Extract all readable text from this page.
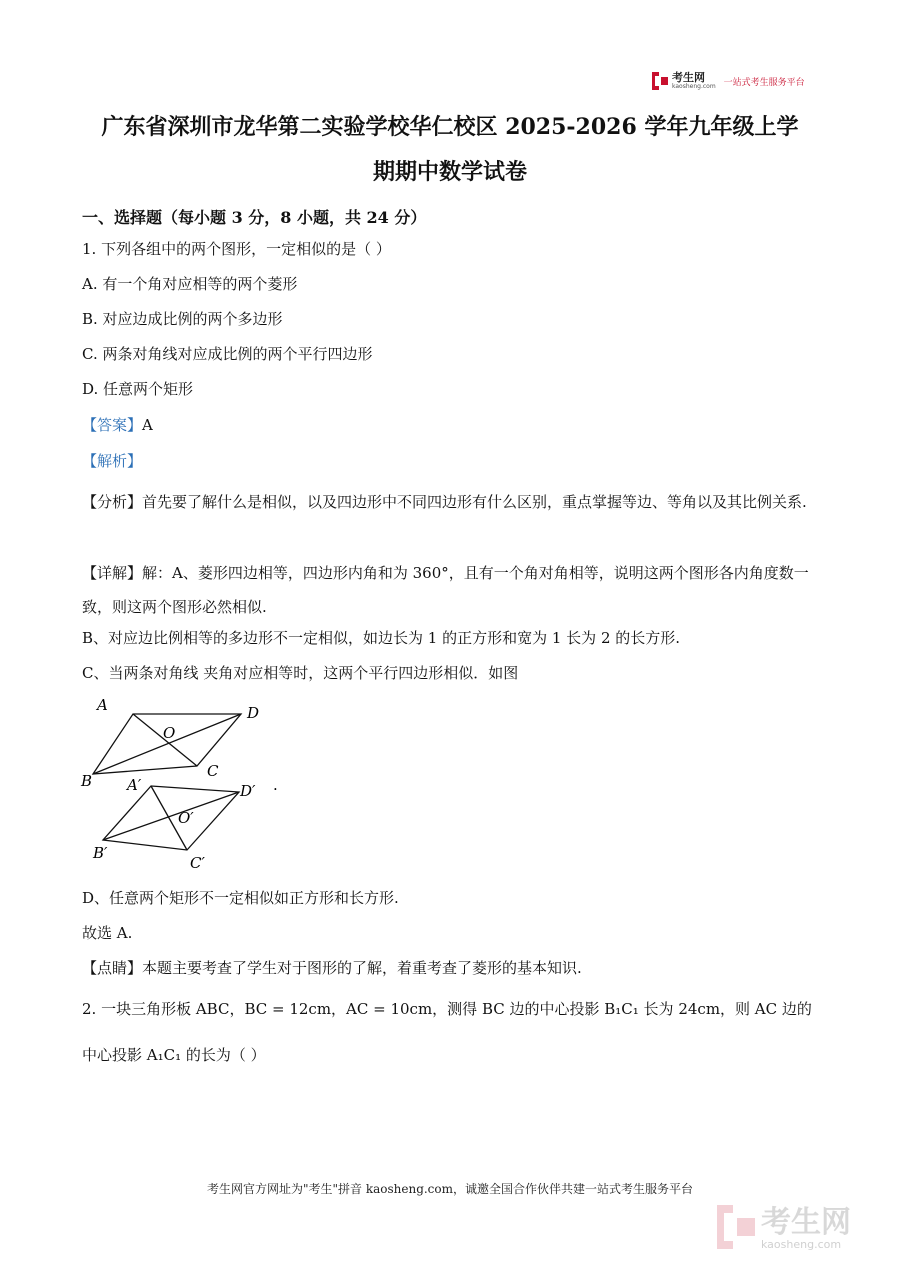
考生网
kaosheng.com 一站式考生服务平台
广东省深圳市龙华第二实验学校华仁校区 2025-2026 学年九年级上学
期期中数学试卷
一、选择题（每小题 3 分，8 小题，共 24 分）
1. 下列各组中的两个图形，一定相似的是（ ）
A. 有一个角对应相等的两个菱形
B. 对应边成比例的两个多边形
C. 两条对角线对应成比例的两个平行四边形
D. 任意两个矩形
【答案】A
【解析】
【分析】首先要了解什么是相似，以及四边形中不同四边形有什么区别，重点掌握等边、等角以及其比例关系.
【详解】解：A、菱形四边相等，四边形内角和为 360°，且有一个角对角相等，说明这两个图形各内角度数一致，则这两个图形必然相似.
B、对应边比例相等的多边形不一定相似，如边长为 1 的正方形和宽为 1 长为 2 的长方形.
C、当两条对角线 夹角对应相等时，这两个平行四边形相似．如图
A	D
O
B
C
A′	D′
O′
B′
C′
.
D、任意两个矩形不一定相似如正方形和长方形.
故选 A.
【点睛】本题主要考查了学生对于图形的了解，着重考查了菱形的基本知识.
2. 一块三角形板 ABC，BC = 12cm，AC = 10cm，测得 BC 边的中心投影 B₁C₁ 长为 24cm，则 AC 边的
中心投影 A₁C₁ 的长为（ ）
考生网官方网址为"考生"拼音 kaosheng.com，诚邀全国合作伙伴共建一站式考生服务平台
考生网
kaosheng.com
